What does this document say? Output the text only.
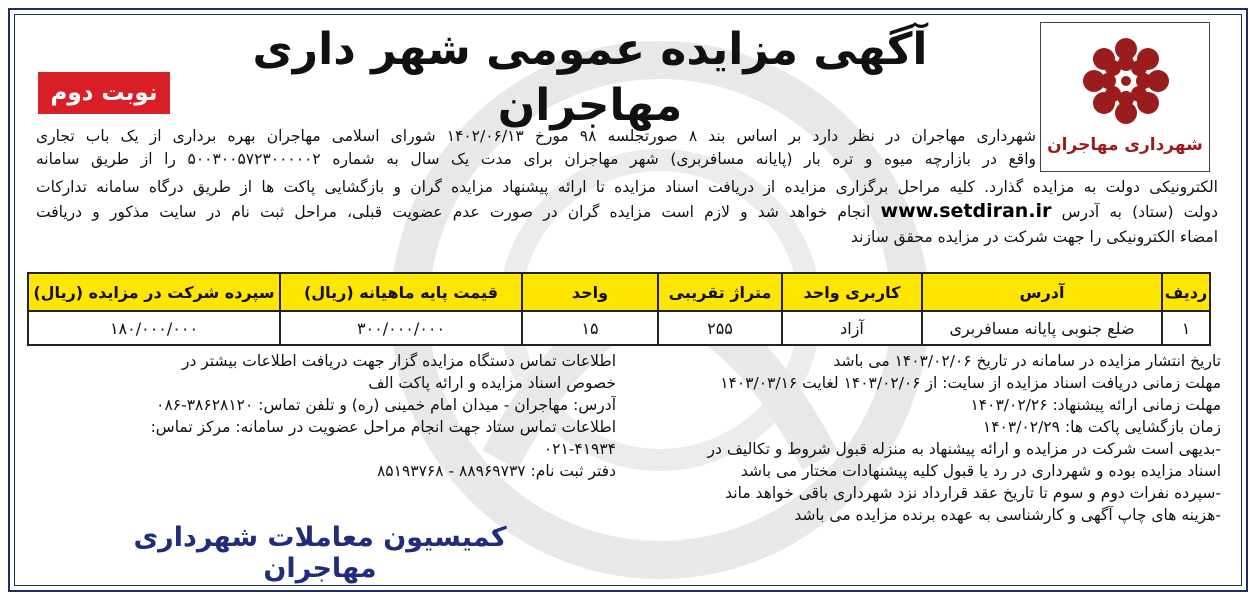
شهرداری مهاجران
آگهی مزایده عمومی شهر داری مهاجران
نوبت دوم
شهرداری مهاجران در نظر دارد بر اساس بند ۸ صورتجلسه ۹۸ مورخ ۱۴۰۲/۰۶/۱۳ شورای اسلامی مهاجران بهره برداری از یک باب تجاری
واقع در بازارچه میوه و تره بار (پایانه مسافربری) شهر مهاجران برای مدت یک سال به شماره ۵۰۰۳۰۰۵۷۲۳۰۰۰۰۰۲ را از طریق سامانه
الکترونیکی دولت به مزایده گذارد. کلیه مراحل برگزاری مزایده از دریافت اسناد مزایده تا ارائه پیشنهاد مزایده گران و بازگشایی پاکت ها از طریق درگاه سامانه تدارکات
دولت (ستاد) به آدرس www.setdiran.ir انجام خواهد شد و لازم است مزایده گران در صورت عدم عضویت قبلی، مراحل ثبت نام در سایت مذکور و دریافت
امضاء الکترونیکی را جهت شرکت در مزایده محقق سازند
ردیف	آدرس	کاربری واحد	متراژ تقریبی	واحد	قیمت پایه ماهیانه (ریال)	سپرده شرکت در مزایده (ریال)
۱	ضلع جنوبی پایانه مسافربری	آزاد	۲۵۵	۱۵	۳۰۰/۰۰۰/۰۰۰	۱۸۰/۰۰۰/۰۰۰
تاریخ انتشار مزایده در سامانه در تاریخ ۱۴۰۳/۰۲/۰۶ می باشد
مهلت زمانی دریافت اسناد مزایده از سایت: از ۱۴۰۳/۰۲/۰۶ لغایت ۱۴۰۳/۰۳/۱۶
مهلت زمانی ارائه پیشنهاد: ۱۴۰۳/۰۲/۲۶
زمان بازگشایی پاکت ها: ۱۴۰۳/۰۲/۲۹
-بدیهی است شرکت در مزایده و ارائه پیشنهاد به منزله قبول شروط و تکالیف در
اسناد مزایده بوده و شهرداری در رد یا قبول کلیه پیشنهادات مختار می باشد
-سپرده نفرات دوم و سوم تا تاریخ عقد قرارداد نزد شهرداری باقی خواهد ماند
-هزینه های چاپ آگهی و کارشناسی به عهده برنده مزایده می باشد
اطلاعات تماس دستگاه مزایده گزار جهت دریافت اطلاعات بیشتر در
خصوص اسناد مزایده و ارائه پاکت الف
آدرس: مهاجران - میدان امام خمینی (ره) و تلفن تماس: ۳۸۶۲۸۱۲۰-۰۸۶
اطلاعات تماس ستاد جهت انجام مراحل عضویت در سامانه: مرکز تماس:
۰۲۱-۴۱۹۳۴
دفتر ثبت نام: ۸۸۹۶۹۷۳۷ - ۸۵۱۹۳۷۶۸
کمیسیون معاملات شهرداری مهاجران
